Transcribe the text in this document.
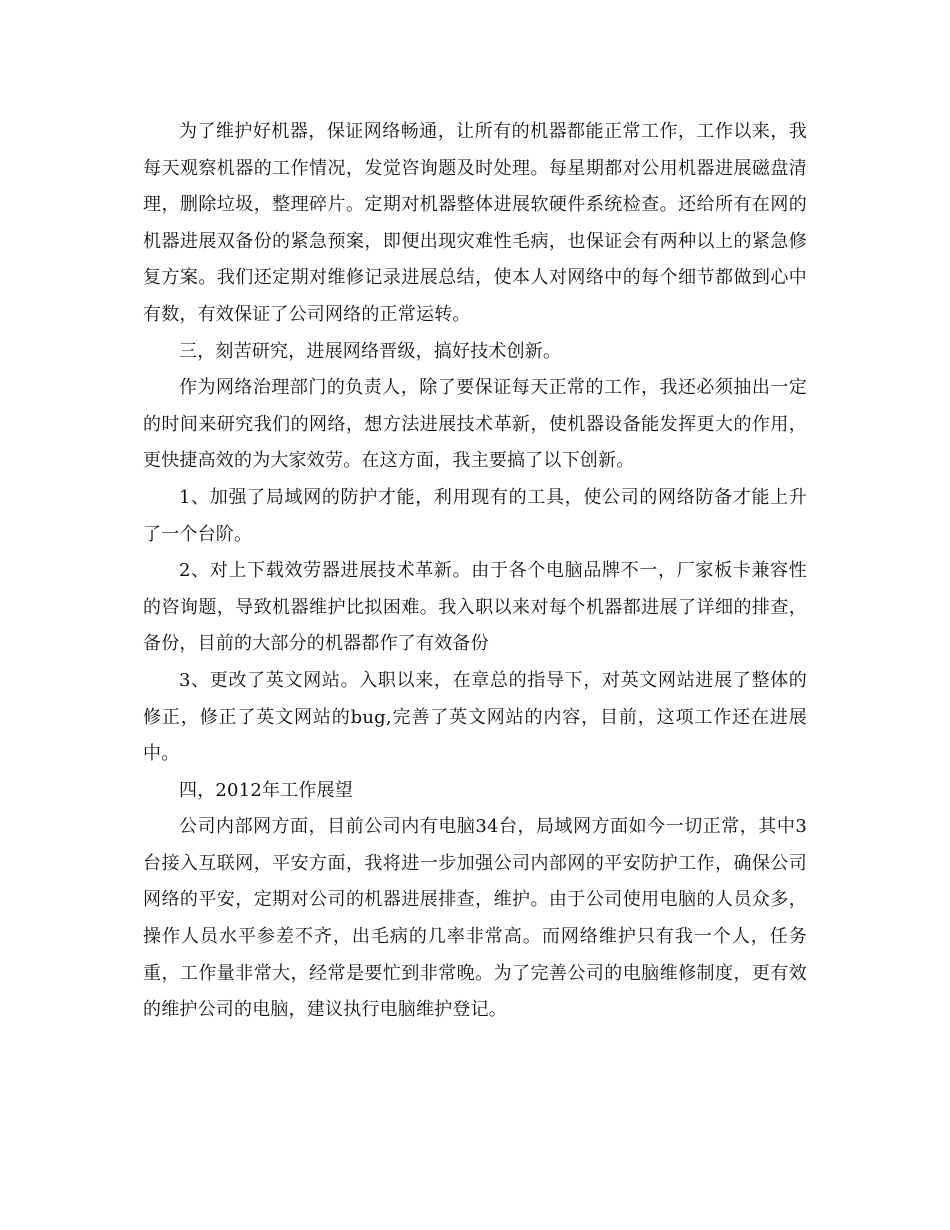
为了维护好机器，保证网络畅通，让所有的机器都能正常工作，工作以来，我每天观察机器的工作情况，发觉咨询题及时处理。每星期都对公用机器进展磁盘清理，删除垃圾，整理碎片。定期对机器整体进展软硬件系统检查。还给所有在网的机器进展双备份的紧急预案，即便出现灾难性毛病，也保证会有两种以上的紧急修复方案。我们还定期对维修记录进展总结，使本人对网络中的每个细节都做到心中有数，有效保证了公司网络的正常运转。

三，刻苦研究，进展网络晋级，搞好技术创新。

作为网络治理部门的负责人，除了要保证每天正常的工作，我还必须抽出一定的时间来研究我们的网络，想方法进展技术革新，使机器设备能发挥更大的作用，更快捷高效的为大家效劳。在这方面，我主要搞了以下创新。

1、加强了局域网的防护才能，利用现有的工具，使公司的网络防备才能上升了一个台阶。

2、对上下载效劳器进展技术革新。由于各个电脑品牌不一，厂家板卡兼容性的咨询题，导致机器维护比拟困难。我入职以来对每个机器都进展了详细的排查，备份，目前的大部分的机器都作了有效备份

3、更改了英文网站。入职以来，在章总的指导下，对英文网站进展了整体的修正，修正了英文网站的bug,完善了英文网站的内容，目前，这项工作还在进展中。

四，2012年工作展望

公司内部网方面，目前公司内有电脑34台，局域网方面如今一切正常，其中3台接入互联网，平安方面，我将进一步加强公司内部网的平安防护工作，确保公司网络的平安，定期对公司的机器进展排查，维护。由于公司使用电脑的人员众多，操作人员水平参差不齐，出毛病的几率非常高。而网络维护只有我一个人，任务重，工作量非常大，经常是要忙到非常晚。为了完善公司的电脑维修制度，更有效的维护公司的电脑，建议执行电脑维护登记。
